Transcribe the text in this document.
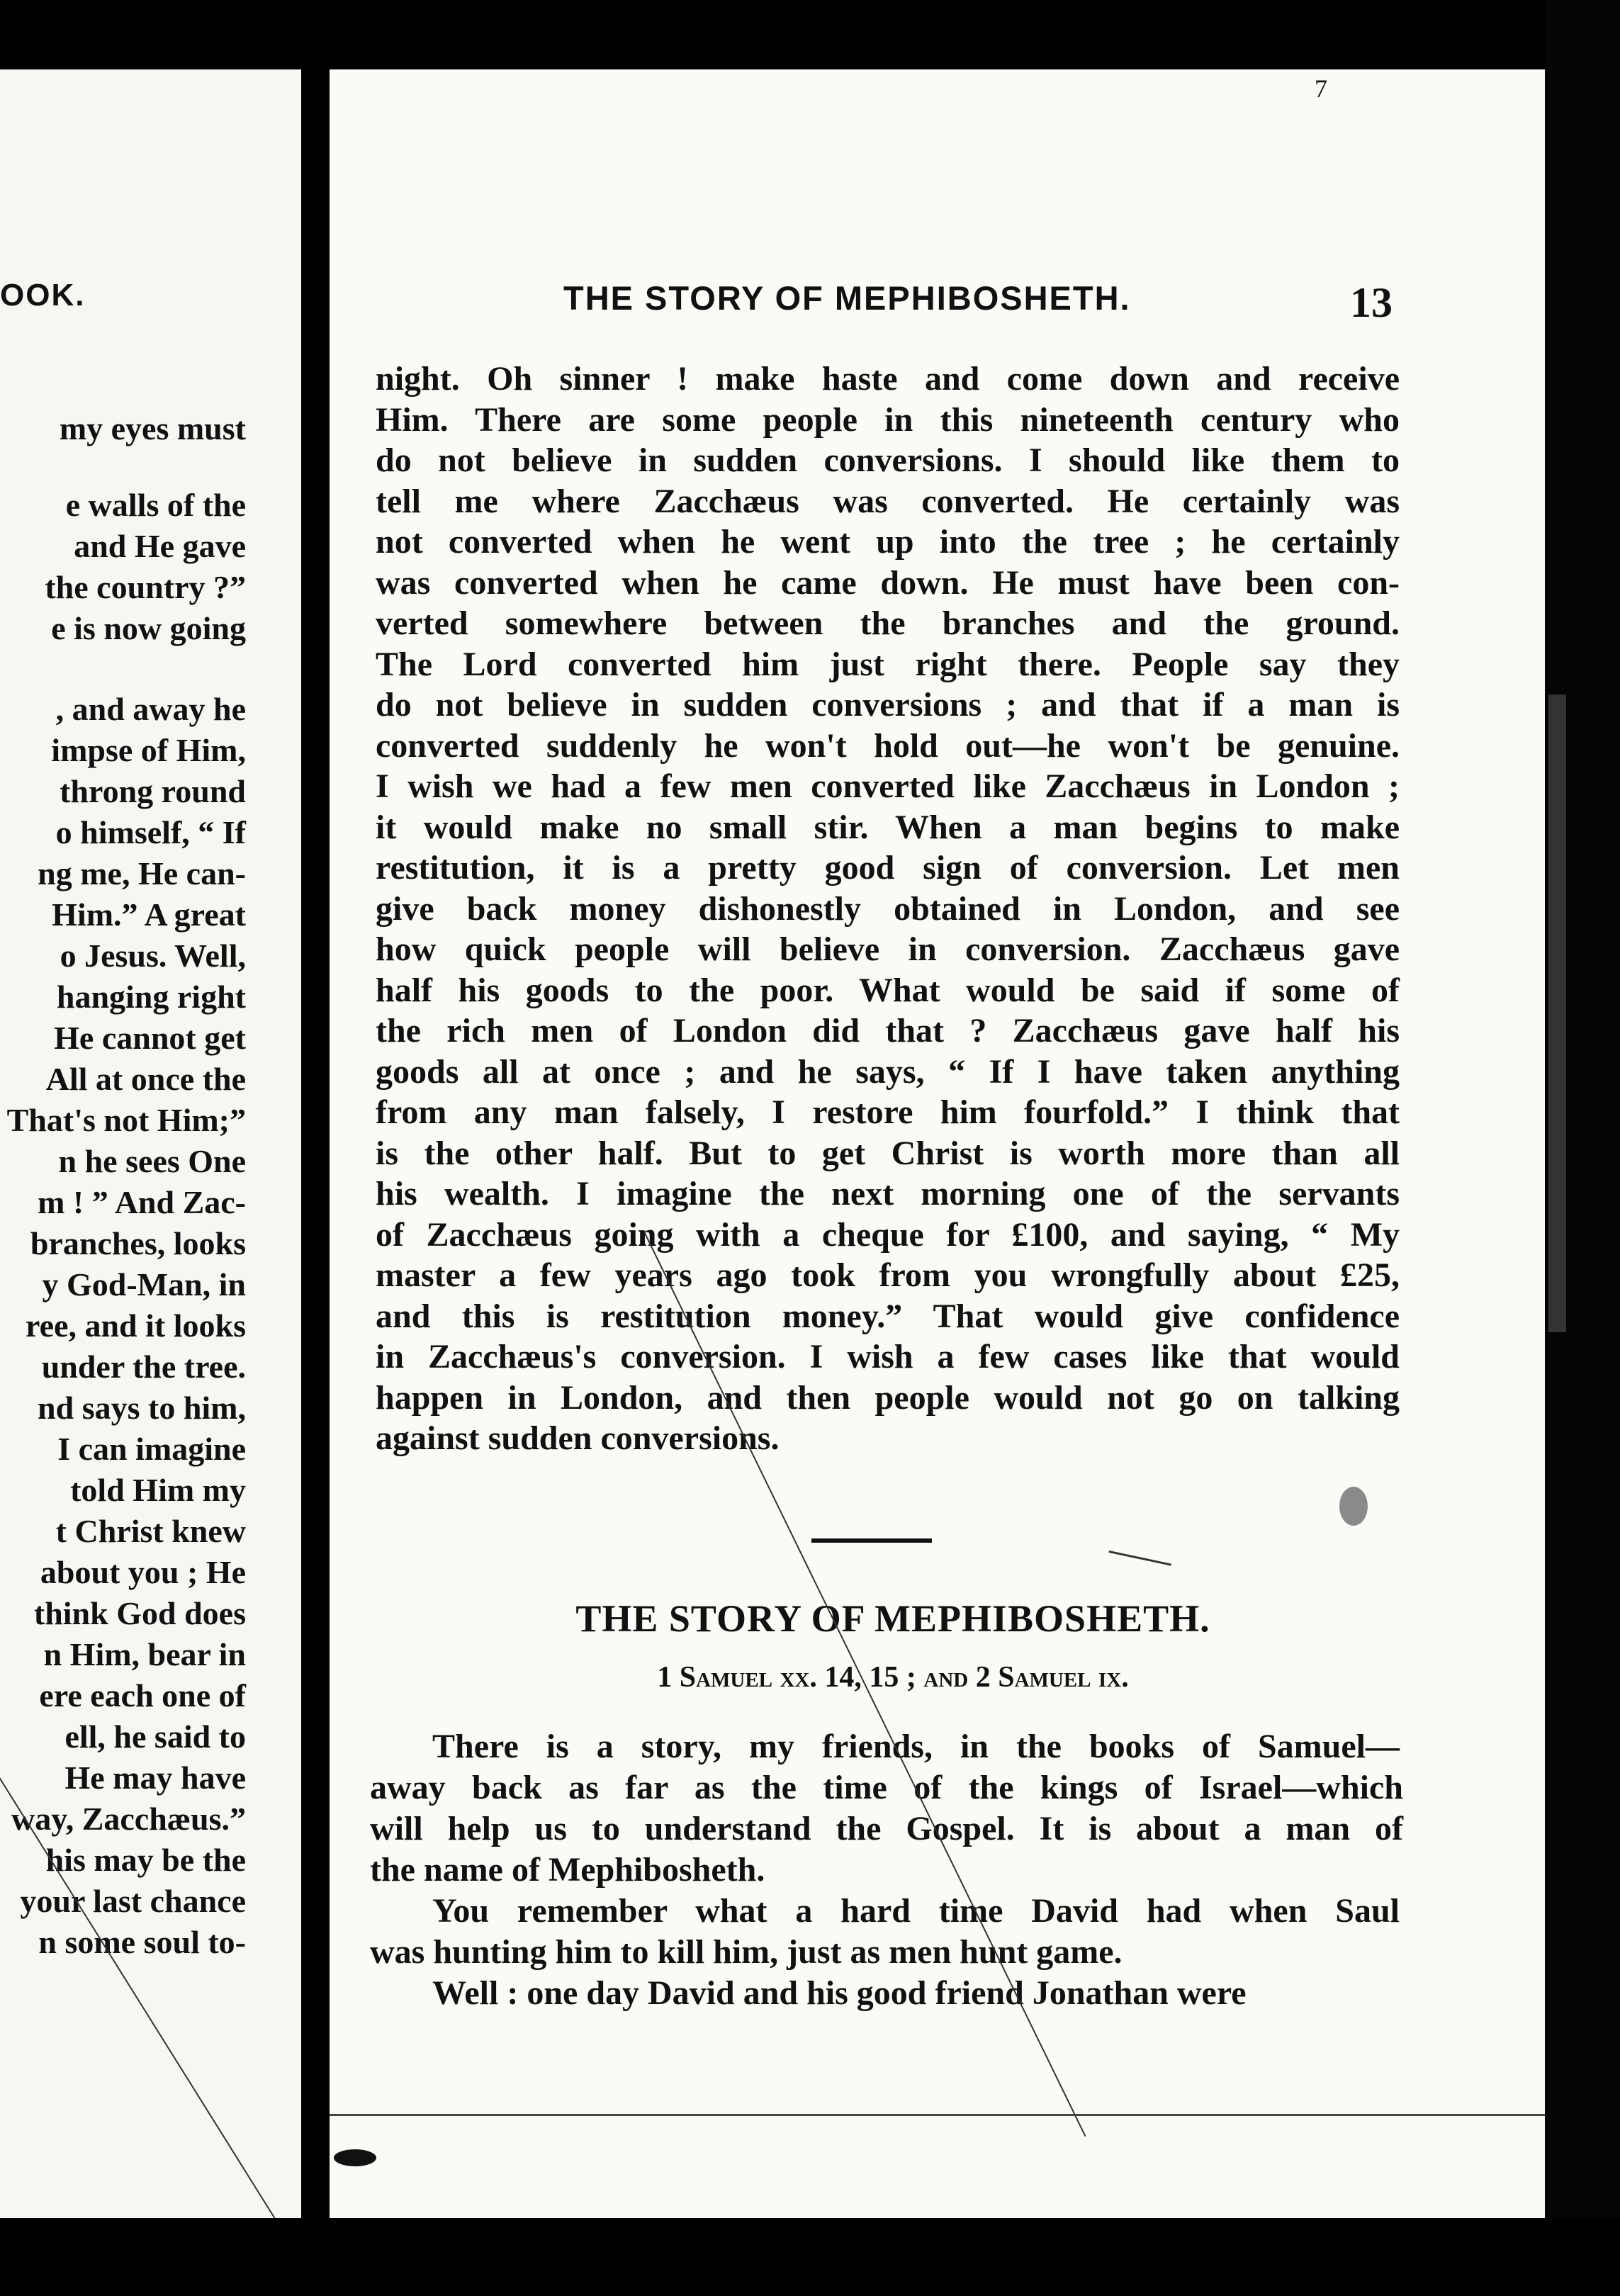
OOK.
my eyes must
e walls of the
and He gave
the country ?”
e is now going
, and away he
impse of Him,
throng round
o himself, “ If
ng me, He can-
Him.” A great
o Jesus. Well,
hanging right
He cannot get
All at once the
That's not Him;”
n he sees One
m ! ” And Zac-
branches, looks
y God-Man, in
ree, and it looks
under the tree.
nd says to him,
I can imagine
told Him my
t Christ knew
about you ; He
think God does
n Him, bear in
ere each one of
ell, he said to
He may have
way, Zacchæus.”
his may be the
your last chance
n some soul to-
7
THE STORY OF MEPHIBOSHETH.	13
night. Oh sinner ! make haste and come down and receive
Him. There are some people in this nineteenth century who
do not believe in sudden conversions. I should like them to
tell me where Zacchæus was converted. He certainly was
not converted when he went up into the tree ; he certainly
was converted when he came down. He must have been con-
verted somewhere between the branches and the ground.
The Lord converted him just right there. People say they
do not believe in sudden conversions ; and that if a man is
converted suddenly he won't hold out—he won't be genuine.
I wish we had a few men converted like Zacchæus in London ;
it would make no small stir. When a man begins to make
restitution, it is a pretty good sign of conversion. Let men
give back money dishonestly obtained in London, and see
how quick people will believe in conversion. Zacchæus gave
half his goods to the poor. What would be said if some of
the rich men of London did that ? Zacchæus gave half his
goods all at once ; and he says, “ If I have taken anything
from any man falsely, I restore him fourfold.” I think that
is the other half. But to get Christ is worth more than all
his wealth. I imagine the next morning one of the servants
of Zacchæus going with a cheque for £100, and saying, “ My
master a few years ago took from you wrongfully about £25,
and this is restitution money.” That would give confidence
in Zacchæus's conversion. I wish a few cases like that would
happen in London, and then people would not go on talking
against sudden conversions.
THE STORY OF MEPHIBOSHETH.
1 Samuel xx. 14, 15 ; and 2 Samuel ix.
There is a story, my friends, in the books of Samuel—
away back as far as the time of the kings of Israel—which
will help us to understand the Gospel. It is about a man of
the name of Mephibosheth.
You remember what a hard time David had when Saul
was hunting him to kill him, just as men hunt game.
Well : one day David and his good friend Jonathan were
